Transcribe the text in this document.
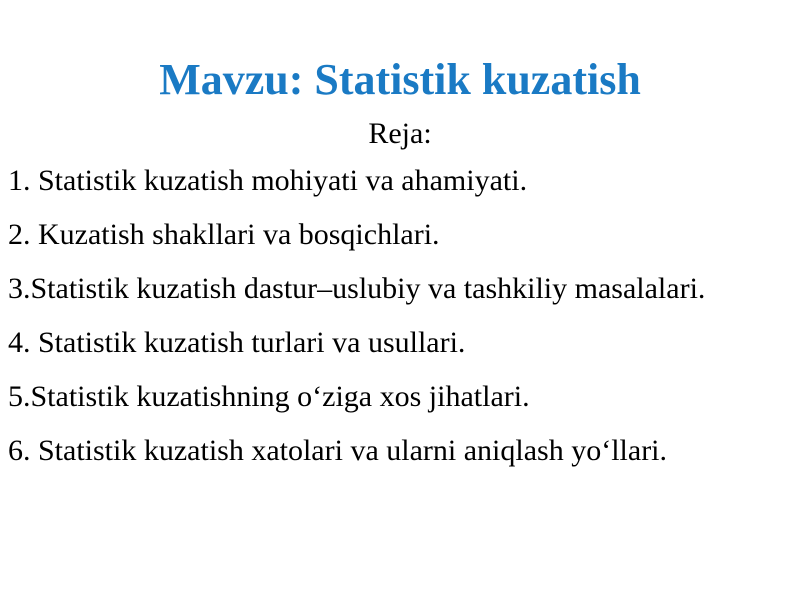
Mavzu: Statistik kuzatish
Reja:
1. Statistik kuzatish mohiyati va ahamiyati.
2. Kuzatish shakllari va bosqichlari.
3.Statistik kuzatish dastur–uslubiy va tashkiliy masalalari.
4. Statistik kuzatish turlari va usullari.
5.Statistik kuzatishning o‘ziga xos jihatlari.
6. Statistik kuzatish xatolari va ularni aniqlash yo‘llari.
